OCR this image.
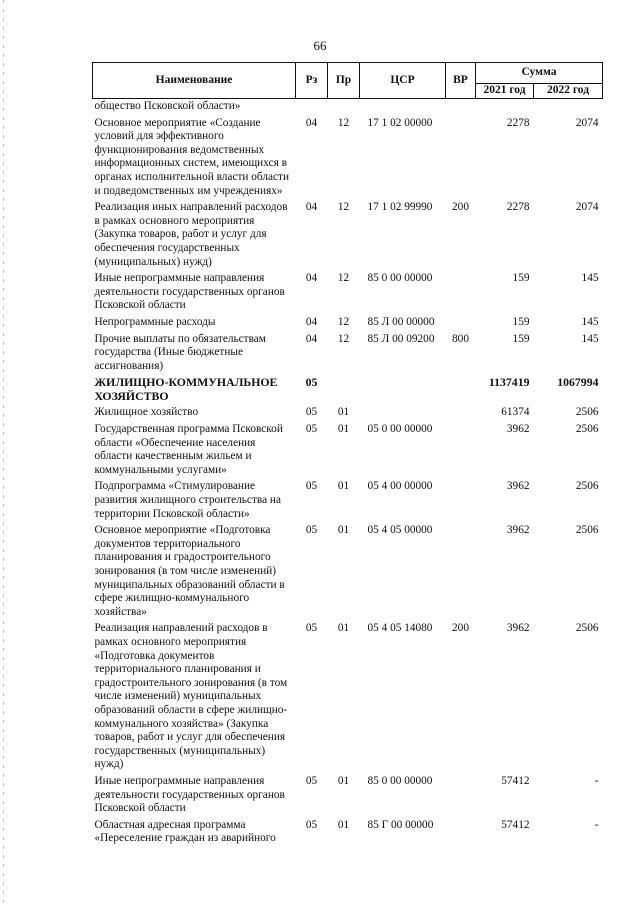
66
Наименование	Рз	Пр	ЦСР	ВР	Сумма	
					2021 год	2022 год
общество Псковской области»						
Основное мероприятие «Создание условий для эффективного функционирования ведомственных информационных систем, имеющихся в органах исполнительной власти области и подведомственных им учреждениях»	04	12	17 1 02 00000		2278	2074
Реализация иных направлений расходов в рамках основного мероприятия (Закупка товаров, работ и услуг для обеспечения государственных (муниципальных) нужд)	04	12	17 1 02 99990	200	2278	2074
Иные непрограммные направления деятельности государственных органов Псковской области	04	12	85 0 00 00000		159	145
Непрограммные расходы	04	12	85 Л 00 00000		159	145
Прочие выплаты по обязательствам государства (Иные бюджетные ассигнования)	04	12	85 Л 00 09200	800	159	145
ЖИЛИЩНО-КОММУНАЛЬНОЕ ХОЗЯЙСТВО	05				1137419	1067994
Жилищное хозяйство	05	01			61374	2506
Государственная программа Псковской области «Обеспечение населения области качественным жильем и коммунальными услугами»	05	01	05 0 00 00000		3962	2506
Подпрограмма «Стимулирование развития жилищного строительства на территории Псковской области»	05	01	05 4 00 00000		3962	2506
Основное мероприятие «Подготовка документов территориального планирования и градостроительного зонирования (в том числе изменений) муниципальных образований области в сфере жилищно-коммунального хозяйства»	05	01	05 4 05 00000		3962	2506
Реализация направлений расходов в рамках основного мероприятия «Подготовка документов территориального планирования и градостроительного зонирования (в том числе изменений) муниципальных образований области в сфере жилищно-коммунального хозяйства» (Закупка товаров, работ и услуг для обеспечения государственных (муниципальных) нужд)	05	01	05 4 05 14080	200	3962	2506
Иные непрограммные направления деятельности государственных органов Псковской области	05	01	85 0 00 00000		57412	-
Областная адресная программа «Переселение граждан из аварийного	05	01	85 Г 00 00000		57412	-
